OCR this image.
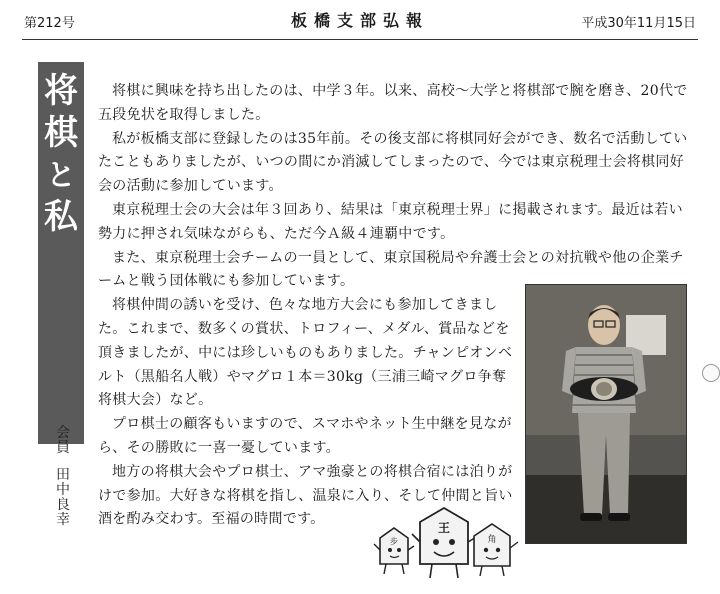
第212号	板橋支部弘報	平成30年11月15日
将
棋
と
私
会
員
田
中
良
幸

将棋に興味を持ち出したのは、中学３年。以来、高校〜大学と将棋部で腕を磨き、20代で五段免状を取得しました。

私が板橋支部に登録したのは35年前。その後支部に将棋同好会ができ、数名で活動していたこともありましたが、いつの間にか消滅してしまったので、今では東京税理士会将棋同好会の活動に参加しています。

東京税理士会の大会は年３回あり、結果は「東京税理士界」に掲載されます。最近は若い勢力に押され気味ながらも、ただ今Ａ級４連覇中です。

また、東京税理士会チームの一員として、東京国税局や弁護士会との対抗戦や他の企業チームと戦う団体戦にも参加しています。

将棋仲間の誘いを受け、色々な地方大会にも参加してきました。これまで、数多くの賞状、トロフィー、メダル、賞品などを頂きましたが、中には珍しいものもありました。チャンピオンベルト（黒船名人戦）やマグロ１本＝30kg（三浦三崎マグロ争奪将棋大会）など。

プロ棋士の顧客もいますので、スマホやネット生中継を見ながら、その勝敗に一喜一憂しています。

地方の将棋大会やプロ棋士、アマ強豪との将棋合宿には泊りがけで参加。大好きな将棋を指し、温泉に入り、そして仲間と旨い酒を酌み交わす。至福の時間です。

步
王
角
